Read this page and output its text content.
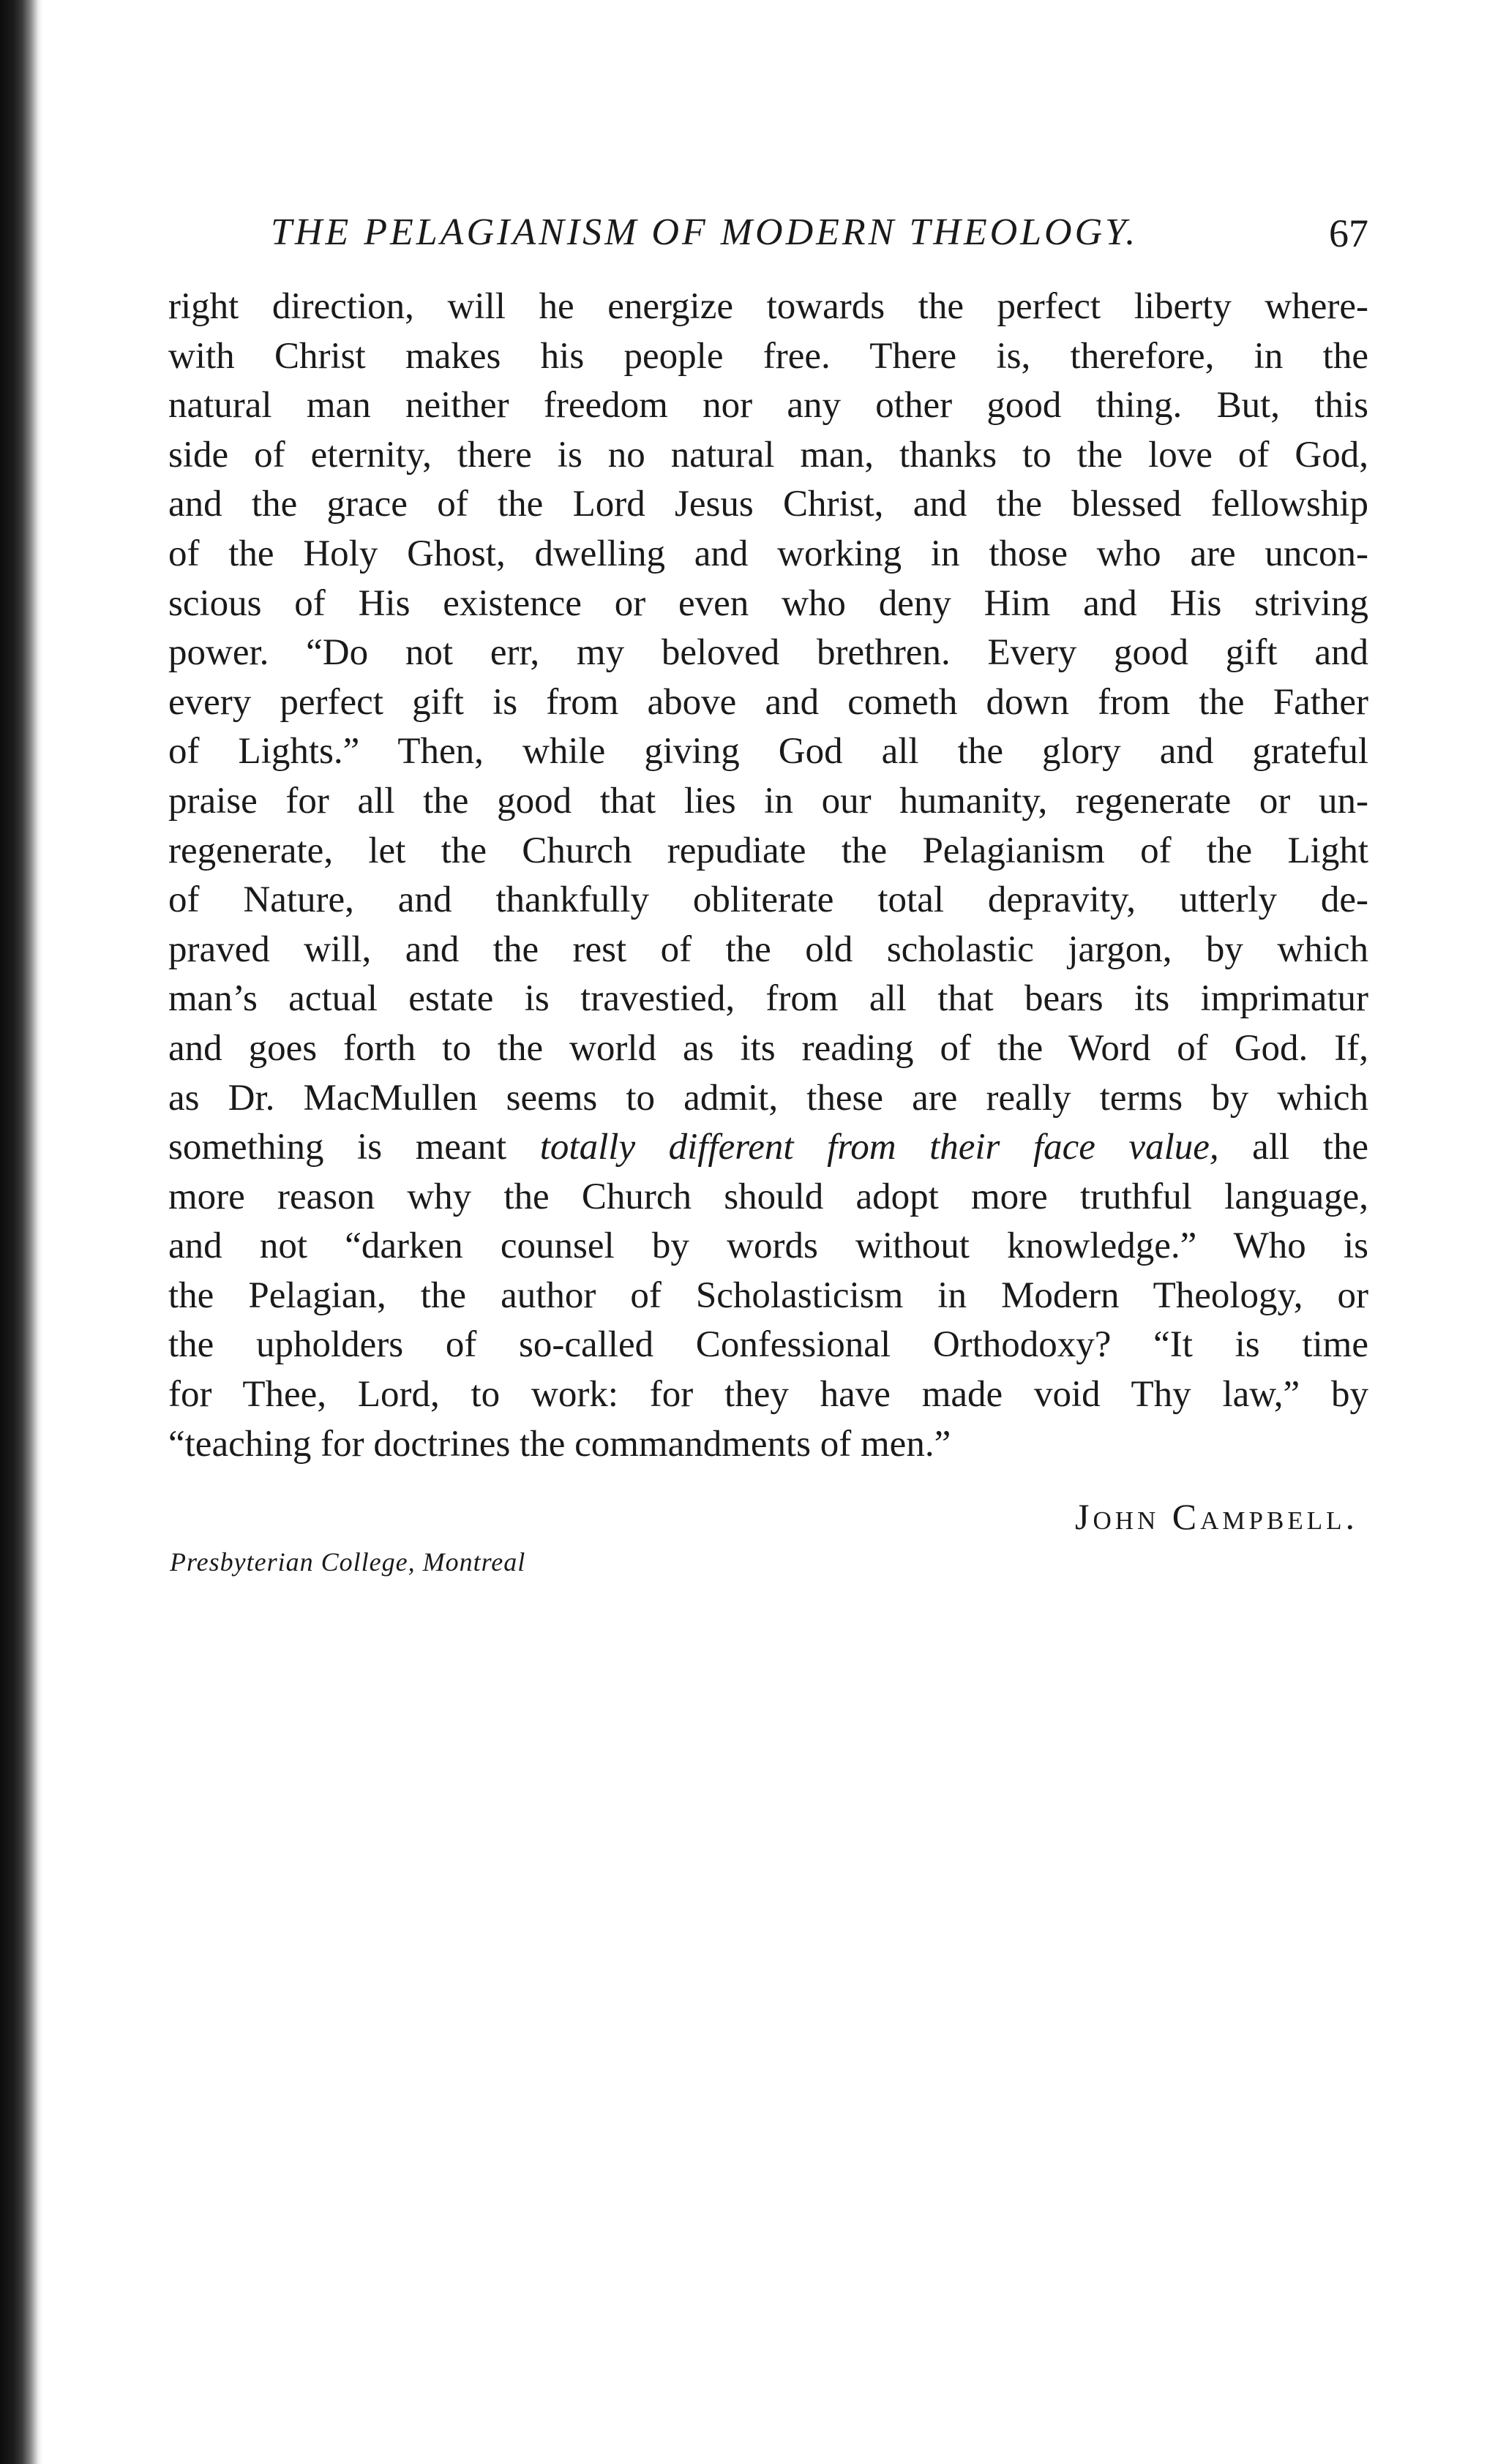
THE PELAGIANISM OF MODERN THEOLOGY.	67
right direction, will he energize towards the perfect liberty where-
with Christ makes his people free. There is, therefore, in the
natural man neither freedom nor any other good thing. But, this
side of eternity, there is no natural man, thanks to the love of God,
and the grace of the Lord Jesus Christ, and the blessed fellowship
of the Holy Ghost, dwelling and working in those who are uncon-
scious of His existence or even who deny Him and His striving
power. “Do not err, my beloved brethren. Every good gift and
every perfect gift is from above and cometh down from the Father
of Lights.” Then, while giving God all the glory and grateful
praise for all the good that lies in our humanity, regenerate or un-
regenerate, let the Church repudiate the Pelagianism of the Light
of Nature, and thankfully obliterate total depravity, utterly de-
praved will, and the rest of the old scholastic jargon, by which
man’s actual estate is travestied, from all that bears its imprimatur
and goes forth to the world as its reading of the Word of God. If,
as Dr. MacMullen seems to admit, these are really terms by which
something is meant totally different from their face value, all the
more reason why the Church should adopt more truthful language,
and not “darken counsel by words without knowledge.” Who is
the Pelagian, the author of Scholasticism in Modern Theology, or
the upholders of so-called Confessional Orthodoxy? “It is time
for Thee, Lord, to work: for they have made void Thy law,” by
“teaching for doctrines the commandments of men.”
John Campbell.
Presbyterian College, Montreal
